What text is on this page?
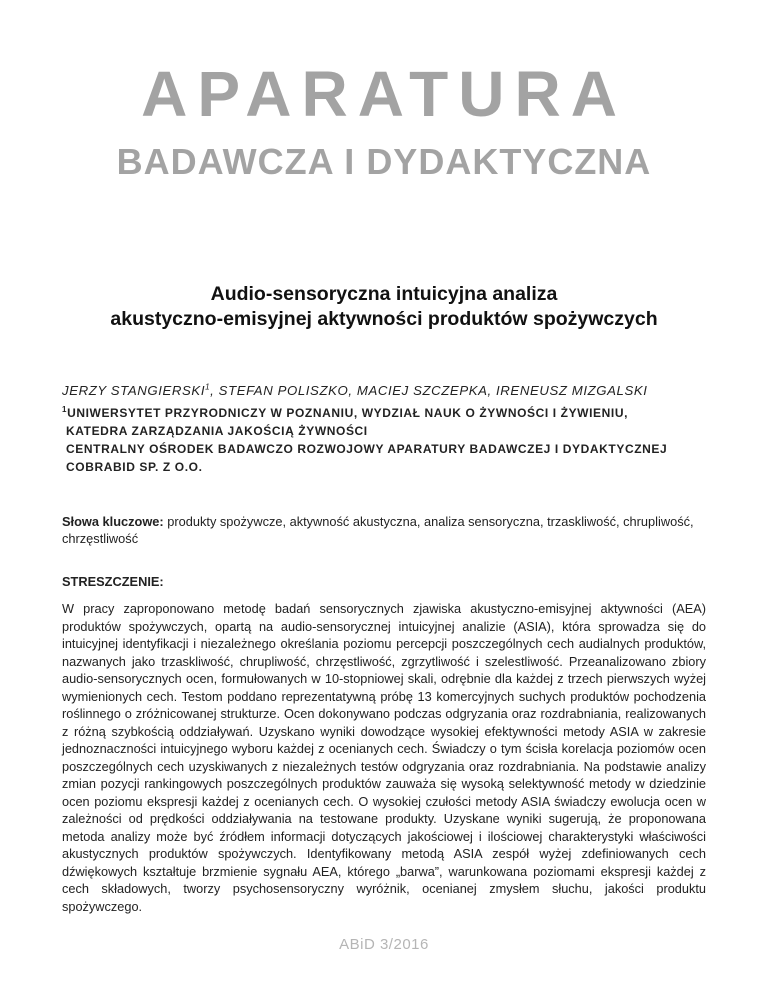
APARATURA
BADAWCZA I DYDAKTYCZNA
Audio-sensoryczna intuicyjna analiza
akustyczno-emisyjnej aktywności produktów spożywczych
JERZY STANGIERSKI$^1$, STEFAN POLISZKO, MACIEJ SZCZEPKA, IRENEUSZ MIZGALSKI
$^1$UNIWERSYTET PRZYRODNICZY W POZNANIU, WYDZIAŁ NAUK O ŻYWNOŚCI I ŻYWIENIU,
KATEDRA ZARZĄDZANIA JAKOŚCIĄ ŻYWNOŚCI
CENTRALNY OŚRODEK BADAWCZO ROZWOJOWY APARATURY BADAWCZEJ I DYDAKTYCZNEJ
COBRABID SP. Z O.O.
Słowa kluczowe: produkty spożywcze, aktywność akustyczna, analiza sensoryczna, trzaskliwość, chrupliwość, chrzęstliwość
STRESZCZENIE:
W pracy zaproponowano metodę badań sensorycznych zjawiska akustyczno-emisyjnej aktywności (AEA) produktów spożywczych, opartą na audio-sensorycznej intuicyjnej analizie (ASIA), która sprowadza się do intuicyjnej identyfikacji i niezależnego określania poziomu percepcji poszczególnych cech audialnych produktów, nazwanych jako trzaskliwość, chrupliwość, chrzęstliwość, zgrzytliwość i szelestliwość. Przeanalizowano zbiory audio-sensorycznych ocen, formułowanych w 10-stopniowej skali, odrębnie dla każdej z trzech pierwszych wyżej wymienionych cech. Testom poddano reprezentatywną próbę 13 komercyjnych suchych produktów pochodzenia roślinnego o zróżnicowanej strukturze. Ocen dokonywano podczas odgryzania oraz rozdrabniania, realizowanych z różną szybkością oddziaływań. Uzyskano wyniki dowodzące wysokiej efektywności metody ASIA w zakresie jednoznaczności intuicyjnego wyboru każdej z ocenianych cech. Świadczy o tym ścisła korelacja poziomów ocen poszczególnych cech uzyskiwanych z niezależnych testów odgryzania oraz rozdrabniania. Na podstawie analizy zmian pozycji rankingowych poszczególnych produktów zauważa się wysoką selektywność metody w dziedzinie ocen poziomu ekspresji każdej z ocenianych cech. O wysokiej czułości metody ASIA świadczy ewolucja ocen w zależności od prędkości oddziaływania na testowane produkty. Uzyskane wyniki sugerują, że proponowana metoda analizy może być źródłem informacji dotyczących jakościowej i ilościowej charakterystyki właściwości akustycznych produktów spożywczych. Identyfikowany metodą ASIA zespół wyżej zdefiniowanych cech dźwiękowych kształtuje brzmienie sygnału AEA, którego „barwa”, warunkowana poziomami ekspresji każdej z cech składowych, tworzy psychosensoryczny wyróżnik, ocenianej zmysłem słuchu, jakości produktu spożywczego.
ABiD 3/2016
